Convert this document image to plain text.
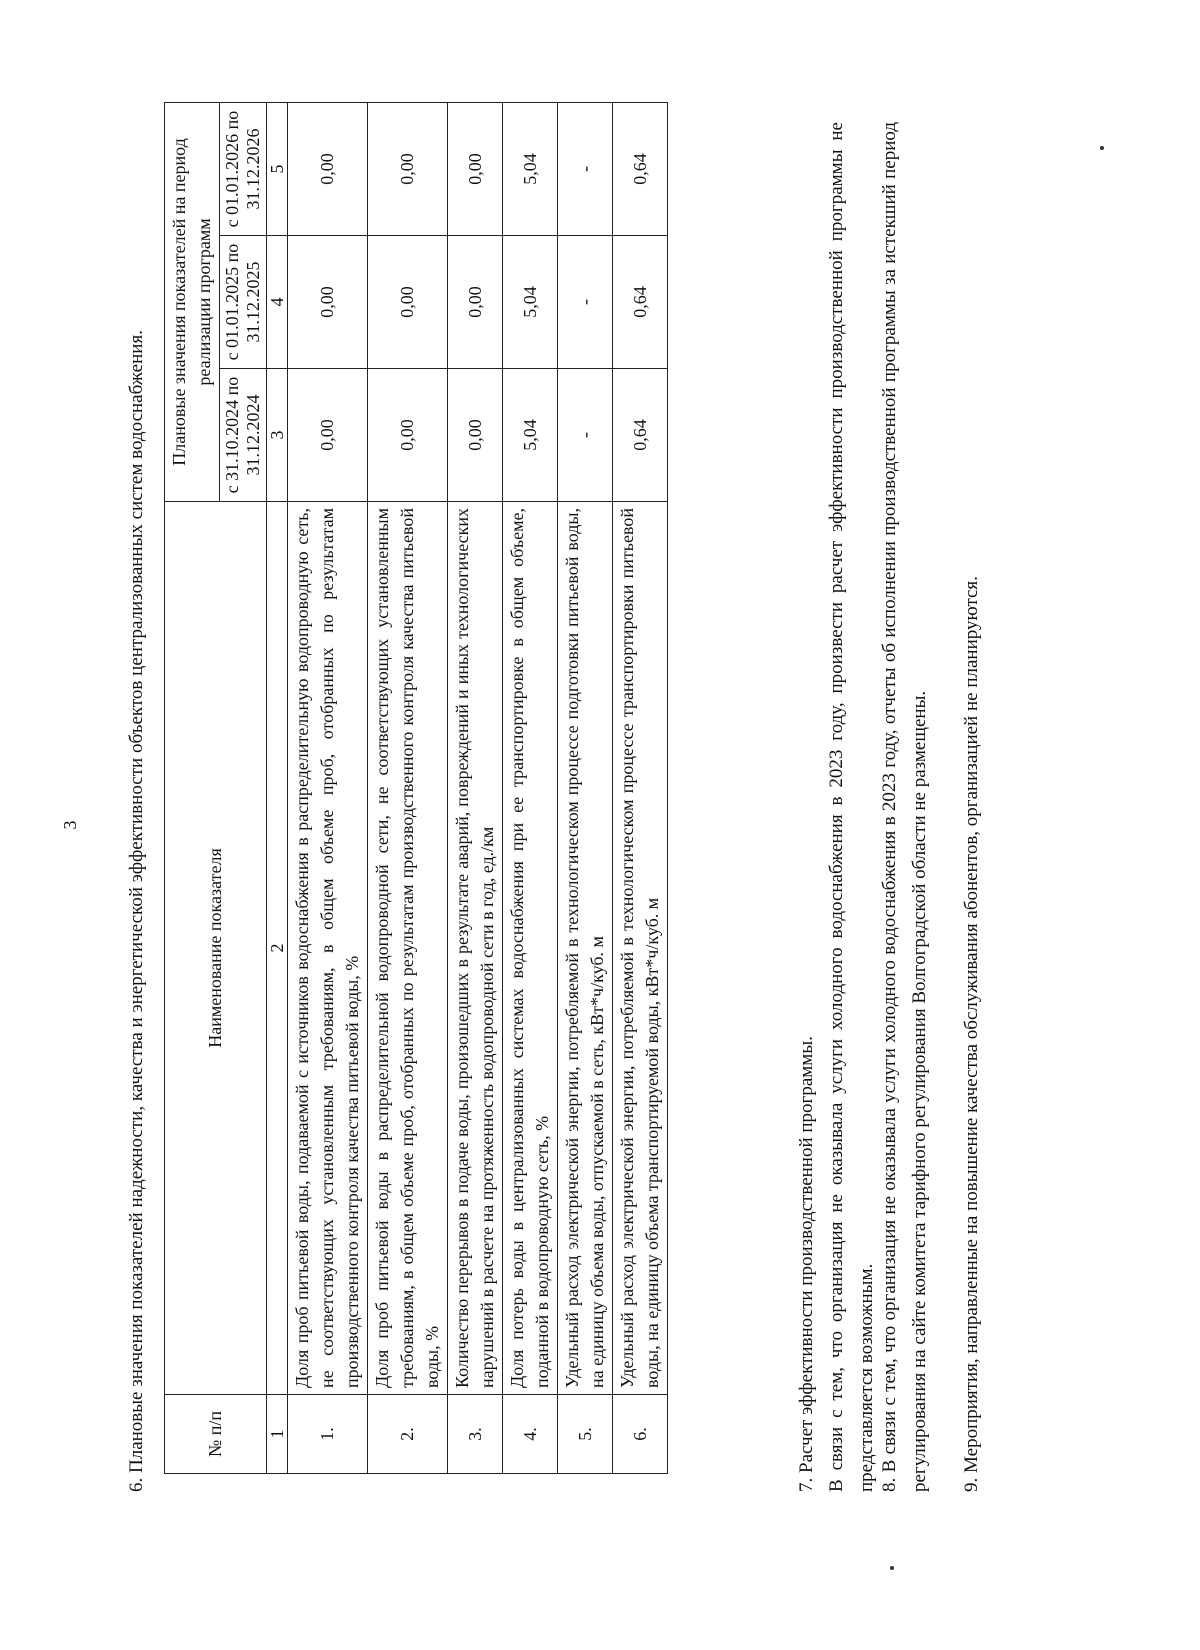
3 6. Плановые значения показателей надежности, качества и энергетической эффективности объектов централизованных систем водоснабжения.	№ п/п	Наименование показателя	Плановые значения показателей на период реализации программ		
		с 31.10.2024 по 31.12.2024	с 01.01.2025 по 31.12.2025	с 01.01.2026 по 31.12.2026
1	2	3	4	5
1.	Доля проб питьевой воды, подаваемой с источников водоснабжения в распределительную водопроводную сеть, не соответствующих установленным требованиям, в общем объеме проб, отобранных по результатам производственного контроля качества питьевой воды, %	0,00	0,00	0,00
2.	Доля проб питьевой воды в распределительной водопроводной сети, не соответствующих установленным требованиям, в общем объеме проб, отобранных по результатам производственного контроля качества питьевой воды, %	0,00	0,00	0,00
3.	Количество перерывов в подаче воды, произошедших в результате аварий, повреждений и иных технологических нарушений в расчете на протяженность водопроводной сети в год, ед./км	0,00	0,00	0,00
4.	Доля потерь воды в централизованных системах водоснабжения при ее транспортировке в общем объеме, поданной в водопроводную сеть, %	5,04	5,04	5,04
5.	Удельный расход электрической энергии, потребляемой в технологическом процессе подготовки питьевой воды, на единицу объема воды, отпускаемой в сеть, кВт*ч/куб. м	-	-	-
6.	Удельный расход электрической энергии, потребляемой в технологическом процессе транспортировки питьевой воды, на единицу объема транспортируемой воды, кВт*ч/куб. м	0,64	0,64	0,64
7. Расчет эффективности производственной программы. В связи с тем, что организация не оказывала услуги холодного водоснабжения в 2023 году, произвести расчет эффективности производственной программы не представляется возможным. 8. В связи с тем, что организация не оказывала услуги холодного водоснабжения в 2023 году, отчеты об исполнении производственной программы за истекший период регулирования на сайте комитета тарифного регулирования Волгоградской области не размещены. 9. Мероприятия, направленные на повышение качества обслуживания абонентов, организацией не планируются.
